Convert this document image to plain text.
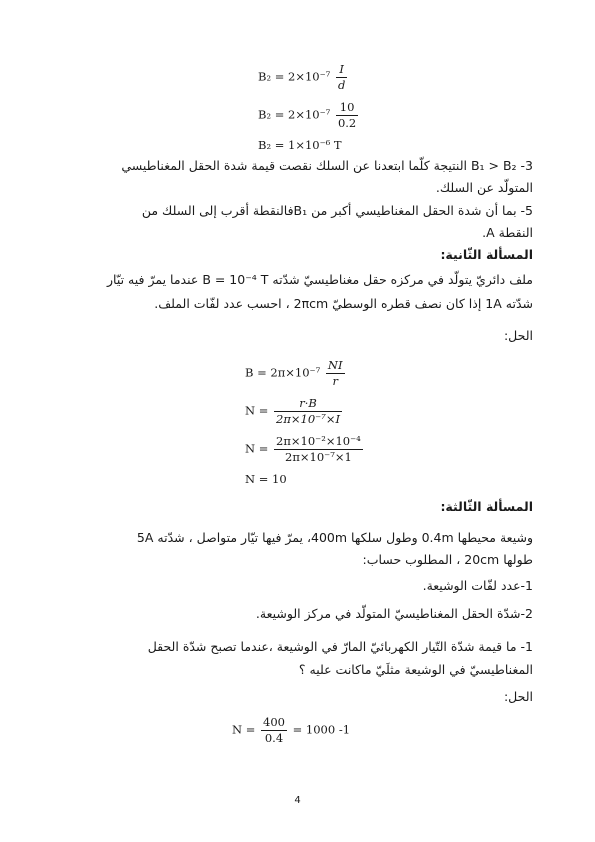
$B_2 = 2\times 10^{-7} \frac{I}{d}$
$B_2 = 2\times 10^{-7} \frac{10}{0.2}$
B₂ = 1×10⁻⁶ T
3- B₁ > B₂ النتيجة كلّما ابتعدنا عن السلك نقصت قيمة شدة الحقل المغناطيسي
المتولّد عن السلك.
5- بما أن شدة الحقل المغناطيسي أكبر من B₁فالنقطة أقرب إلى السلك من
النقطة A.
المسألة الثّانية:
ملف دائريّ يتولّد في مركزه حقل مغناطيسيّ شدّته B = 10⁻⁴ T عندما يمرّ فيه تيّار
شدّته 1A إذا كان نصف قطره الوسطيّ 2πcm ، احسب عدد لفّات الملف.
الحل:
$B = 2\pi\times 10^{-7} \frac{NI}{r}$
$N = \frac{r\cdot B}{\text{2π×10⁻⁷×I}}$
$N = \frac{\text{2π×10⁻²×10⁻⁴}}{\text{2π×10⁻⁷×1}}$
N = 10
المسألة الثّالثة:
وشيعة محيطها 0.4m وطول سلكها 400m، يمرّ فيها تيّار متواصل ، شدّته 5A
طولها 20cm ، المطلوب حساب:
1-عدد لفّات الوشيعة.
2-شدّة الحقل المغناطيسيّ المتولّد في مركز الوشيعة.
1- ما قيمة شدّة التّيار الكهربائيّ المارّ في الوشيعة ،عندما تصبح شدّة الحقل
المغناطيسيّ في الوشيعة مثلَيّ ماكانت عليه ؟
الحل:
$N = \frac{400}{0.4} = 1000$ -1
4
